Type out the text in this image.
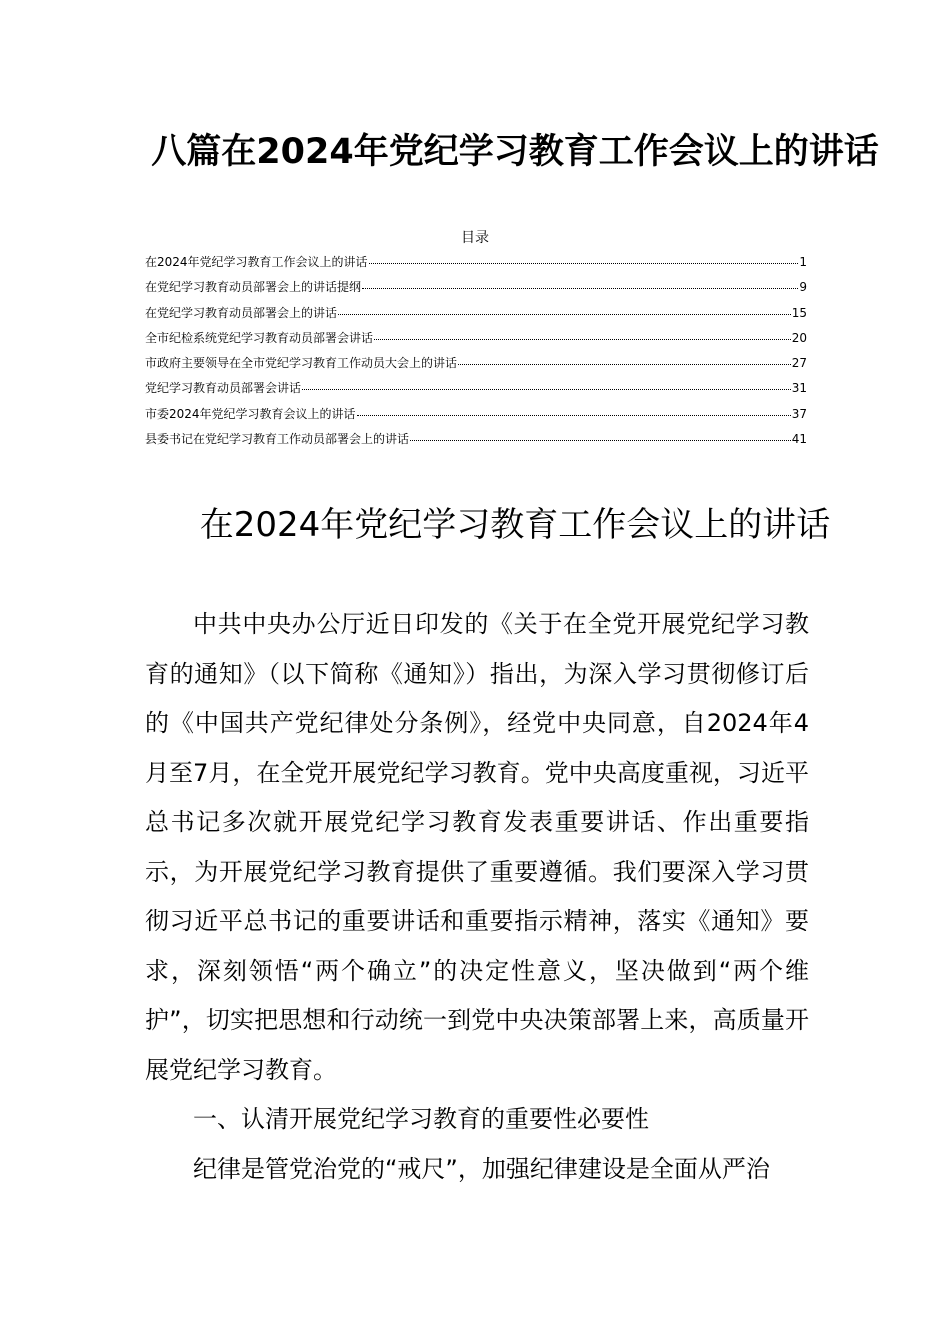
八篇在2024年党纪学习教育工作会议上的讲话
目录
在2024年党纪学习教育工作会议上的讲话	1
在党纪学习教育动员部署会上的讲话提纲	9
在党纪学习教育动员部署会上的讲话	15
全市纪检系统党纪学习教育动员部署会讲话	20
市政府主要领导在全市党纪学习教育工作动员大会上的讲话	27
党纪学习教育动员部署会讲话	31
市委2024年党纪学习教育会议上的讲话	37
县委书记在党纪学习教育工作动员部署会上的讲话	41
在2024年党纪学习教育工作会议上的讲话

中共中央办公厅近日印发的《关于在全党开展党纪学习教育的通知》（以下简称《通知》）指出，为深入学习贯彻修订后的《中国共产党纪律处分条例》，经党中央同意，自2024年4月至7月，在全党开展党纪学习教育。党中央高度重视，习近平总书记多次就开展党纪学习教育发表重要讲话、作出重要指示，为开展党纪学习教育提供了重要遵循。我们要深入学习贯彻习近平总书记的重要讲话和重要指示精神，落实《通知》要求，深刻领悟“两个确立”的决定性意义，坚决做到“两个维护”，切实把思想和行动统一到党中央决策部署上来，高质量开展党纪学习教育。

一、认清开展党纪学习教育的重要性必要性

纪律是管党治党的“戒尺”，加强纪律建设是全面从严治
